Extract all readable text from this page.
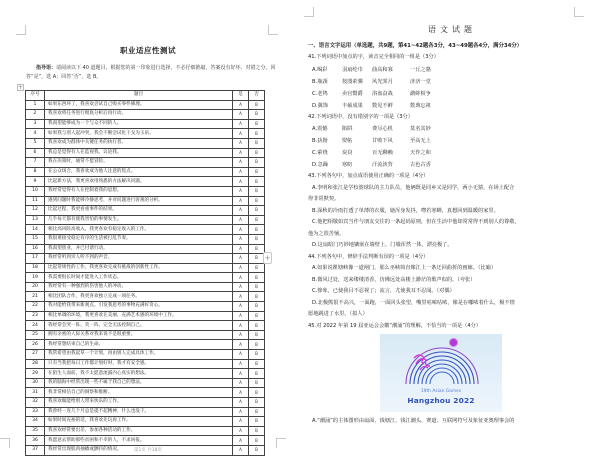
职业适应性测试
指导语：请阅读以下 40 道题目，根据您的第一印象进行选择，不必仔细推敲，答案没有好坏、对错之分。回答“是”，选 A；回答“否”，选 B。
+
序号	题目	是	否
1	如果东西坏了，我喜欢尝试自己购买零件修理。	A	B
2	我喜欢将任务进行彻底分析后再行动。	A	B
3	我渴望能够成为一个与众不同的人。	A	B
4	如果我与别人起冲突，我会不断尝试化干戈为玉帛。	A	B
5	我喜欢成为群体中关键任务的执行者。	A	B
6	我总是觉得有人在监视我、议论我。	A	B
7	我在决策时，通常不愿冒险。	A	B
8	在公众场合，我喜欢成为他人注意的焦点。	A	B
9	比起新方法，我更喜欢用熟悉的方法解决问题。	A	B
10	我经常觉得有人在控制着我的思想。	A	B
11	遇到问题时我能够冷静思考，并对问题进行客观的分析。	A	B
12	比起过程，我更看重事件的结果。	A	B
13	几乎每天都有使我害怕的事情发生。	A	B
14	相比高风险高收入，我更喜欢有稳定收入的工作。	A	B
15	我很难接受稳定有序的生活被打乱节奏。	A	B
16	我渴望创业，并已付诸行动。	A	B
17	我经常听到旁人听不到的声音。	A	B
18	比起常规性的工作，我更喜欢完成有挑战的创新性工作。	A	B
19	我需要很长时间才能进入工作状态。	A	B
20	我经常有一种强烈的伤害他人的冲动。	A	B
21	相比团队合作，我更喜欢独立完成一项任务。	A	B
22	我对能给我带来新观点、引发我思考的事物充满好奇心。	A	B
23	相比单调的环境，我更喜欢在美丽、充满艺术感的环境中工作。	A	B
24	我经常会哭一阵、笑一阵，完全无法控制自己。	A	B
25	拥有亲密的人际关系对我来说不是很重要。	A	B
26	我经常想结束自己的生命。	A	B
27	我常希望由我起草一个计划，再由别人完成具体工作。	A	B
28	只有当我把每日工作都计划好时，我才有安全感。	A	B
29	在陌生人面前，我不太愿意流露内心真实的想法。	A	B
30	我的脑海中经常出现一些不属于我自己的想法。	A	B
31	我非常相信自己的洞察和推断。	A	B
32	我喜欢做能给别人带来快乐的工作。	A	B
33	我曾经一连几个月总是提不起精神，什么也没干。	A	B
34	如果时间充裕的话，我喜欢先玩再工作。	A	B
35	我喜欢经常要出差、参加各种活动的工作。	A	B
36	我愿意去帮助那些贫困和不幸的人，不求回报。	A	B
37	我经常出现肌肉抽搐或颤抖的情况。	A	B
第1页 共18页
+
语文试题
一、语言文字运用（单选题，共9题，第41~42题各3分，43~49题各4分，满分34分）
41.下列词语中加点的字，读音完全相同的一组是（3分）
A.喝彩	羽扇纶巾	曲高和寡	一丘之貉
B.瓶颈	按图索骥	风光霁月	济济一堂
C.老鸨	卖官鬻爵	浴血奋战	鹬蚌相争
D.翼饰	丰硕成果	数见不鲜	数典忘祖
42.下列词语中，没有错别字的一项是（3分）
A.震憾	陷阱	费尽心机	莫名其妙
B.执拗	熨帖	甘败下风	至高无上
C.萦绕	炭窃	百无聊赖	天作之和
D.急躁	寒暄	汗流浃背	古色古香
43.下列各句中，加点成语使用正确的一项是（4分）
A.李明和张江是学校篮球队的主力队员，他俩既是同乡又是同学，两小无猜，在场上配合
得非常默契。
B.深秋的冷雨打透了单薄的衣服，她浑身发抖，噤若寒蝉，真想回到温暖的家里。
C.他把相敬如宾当作与朋友交往的一条起码原则，但在生活中他却常常得不到别人的尊敬，
他为之很苦恼。
D.这扇暗门巧妙地镶嵌在墙壁上，门墙浑然一体，漂亮极了。
44.下列各句中，修辞手法判断有误的一项是（4分）
A.如果说瞿塘峡像一道闸门，那么巫峡简直像江上一条迂回曲折的画廊。（比喻）
B.微风过处，送来缕缕清香，仿佛远处高楼上渺茫的歌声似的。（夸张）
C.惨象，已使我目不忍视了；流言，尤使我耳不忍闻。（对偶）
D.北极熊很不高兴，一面跑，一面回头张望，嘴里咕哝咕哝，像是在嘟哝着什么，极不情
愿地跳进了水里。（拟人）
45.对 2022 年第 19 届亚运会会徽“潮涌”的理解，不恰当的一项是（4分）
19th Asian Games
Hangzhou 2022
A.“潮涌”的主体图形由扇面、钱塘江、钱江潮头、赛道、互联网符号及象征亚奥理事会的
